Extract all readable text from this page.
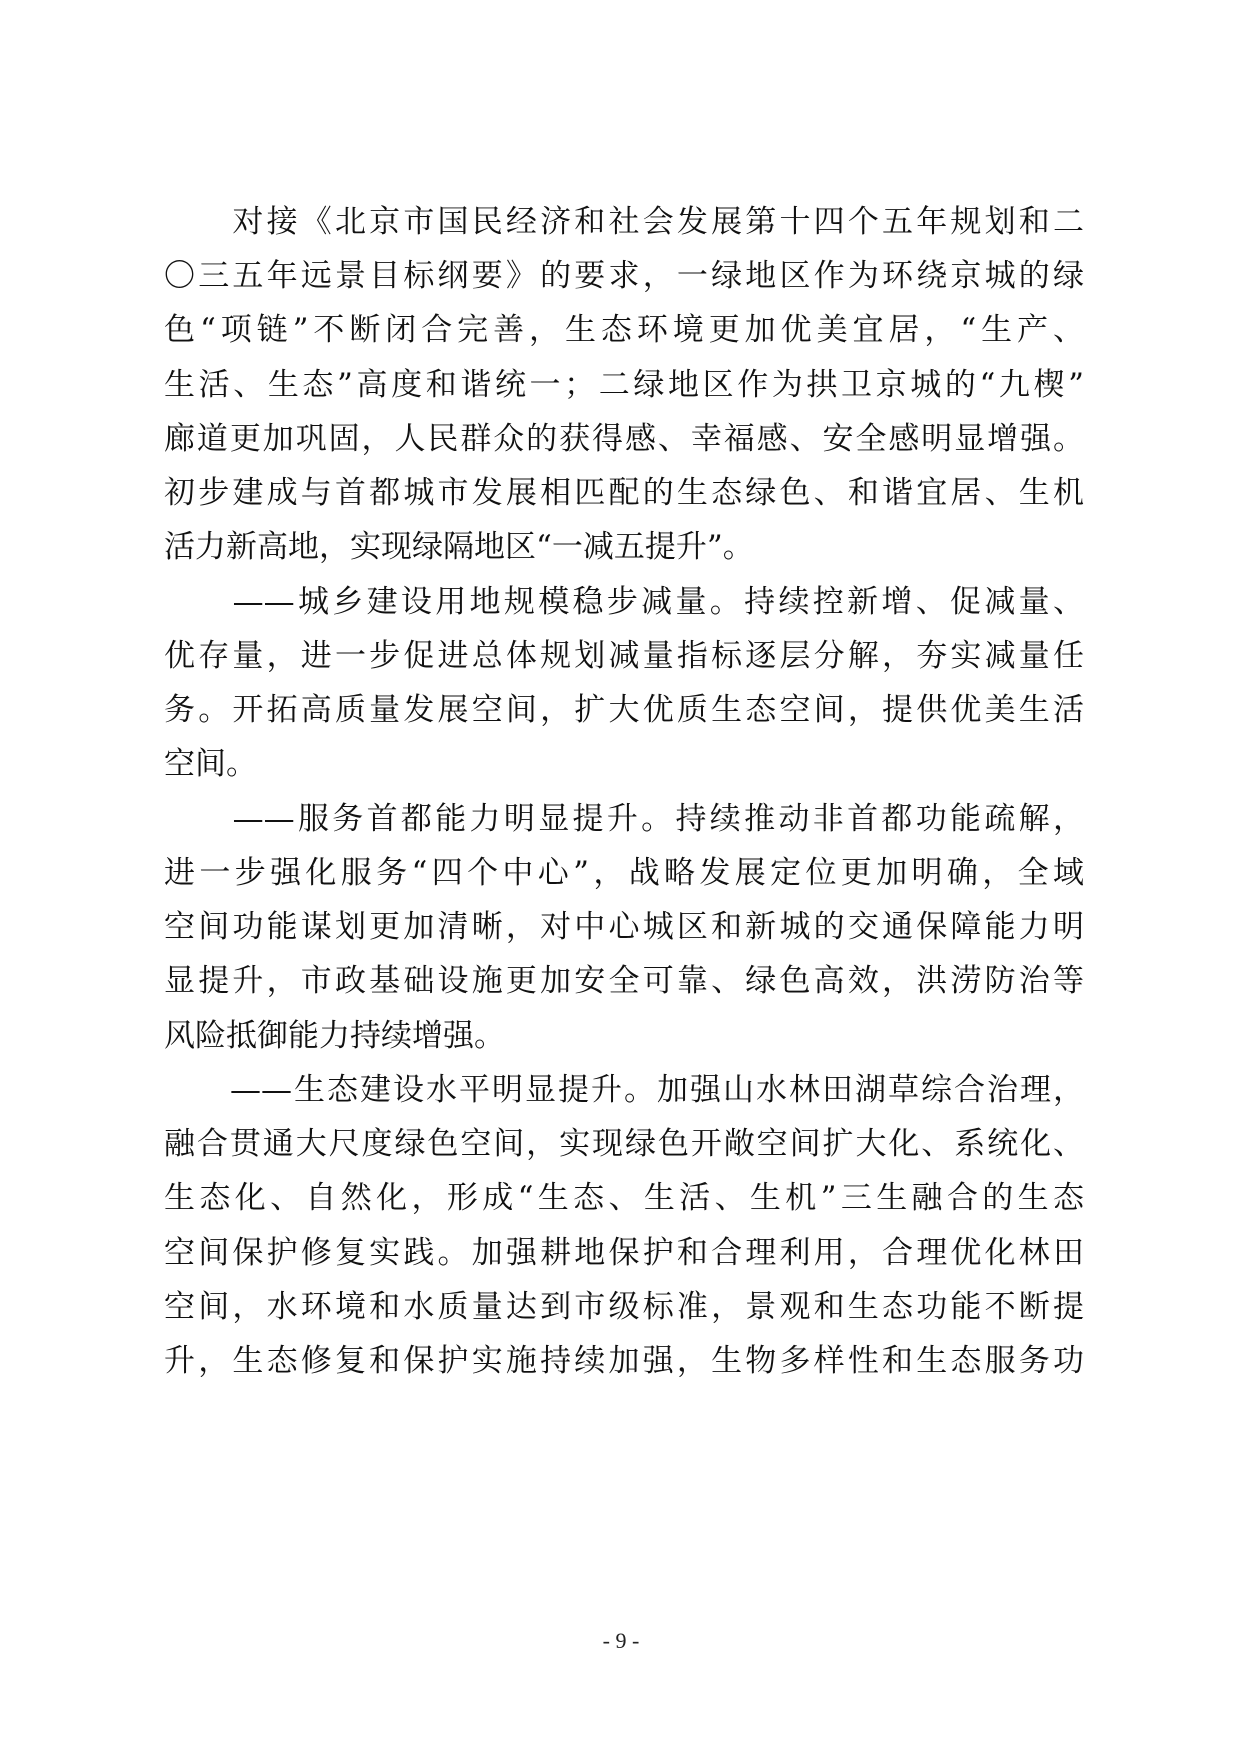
　　对接《北京市国民经济和社会发展第十四个五年规划和二
〇三五年远景目标纲要》的要求，一绿地区作为环绕京城的绿
色“项链”不断闭合完善，生态环境更加优美宜居，“生产、
生活、生态”高度和谐统一；二绿地区作为拱卫京城的“九楔”
廊道更加巩固，人民群众的获得感、幸福感、安全感明显增强。
初步建成与首都城市发展相匹配的生态绿色、和谐宜居、生机
活力新高地，实现绿隔地区“一减五提升”。
　　——城乡建设用地规模稳步减量。持续控新增、促减量、
优存量，进一步促进总体规划减量指标逐层分解，夯实减量任
务。开拓高质量发展空间，扩大优质生态空间，提供优美生活
空间。
　　——服务首都能力明显提升。持续推动非首都功能疏解，
进一步强化服务“四个中心”，战略发展定位更加明确，全域
空间功能谋划更加清晰，对中心城区和新城的交通保障能力明
显提升，市政基础设施更加安全可靠、绿色高效，洪涝防治等
风险抵御能力持续增强。
　　——生态建设水平明显提升。加强山水林田湖草综合治理，
融合贯通大尺度绿色空间，实现绿色开敞空间扩大化、系统化、
生态化、自然化，形成“生态、生活、生机”三生融合的生态
空间保护修复实践。加强耕地保护和合理利用，合理优化林田
空间，水环境和水质量达到市级标准，景观和生态功能不断提
升，生态修复和保护实施持续加强，生物多样性和生态服务功
- 9 -
